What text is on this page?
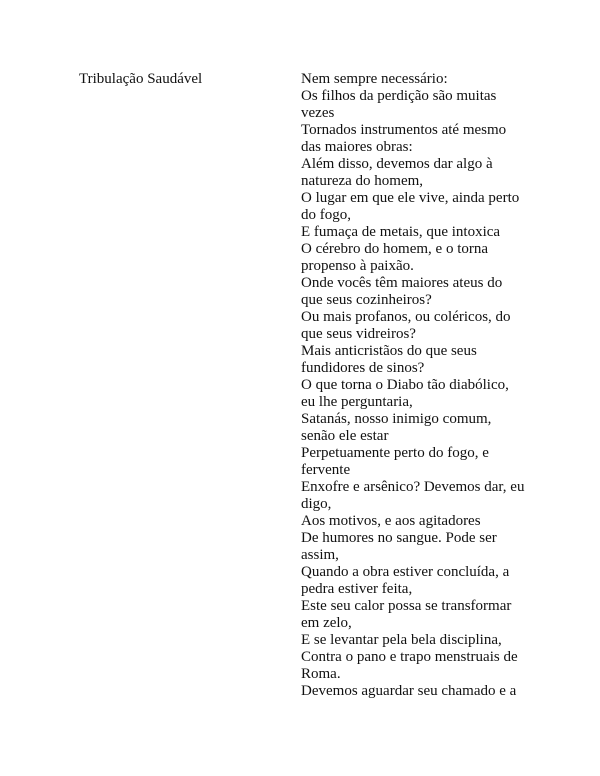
Tribulação Saudável	Nem sempre necessário:
Os filhos da perdição são muitas
vezes
Tornados instrumentos até mesmo
das maiores obras:
Além disso, devemos dar algo à
natureza do homem,
O lugar em que ele vive, ainda perto
do fogo,
E fumaça de metais, que intoxica
O cérebro do homem, e o torna
propenso à paixão.
Onde vocês têm maiores ateus do
que seus cozinheiros?
Ou mais profanos, ou coléricos, do
que seus vidreiros?
Mais anticristãos do que seus
fundidores de sinos?
O que torna o Diabo tão diabólico,
eu lhe perguntaria,
Satanás, nosso inimigo comum,
senão ele estar
Perpetuamente perto do fogo, e
fervente
Enxofre e arsênico? Devemos dar, eu
digo,
Aos motivos, e aos agitadores
De humores no sangue. Pode ser
assim,
Quando a obra estiver concluída, a
pedra estiver feita,
Este seu calor possa se transformar
em zelo,
E se levantar pela bela disciplina,
Contra o pano e trapo menstruais de
Roma.
Devemos aguardar seu chamado e a
